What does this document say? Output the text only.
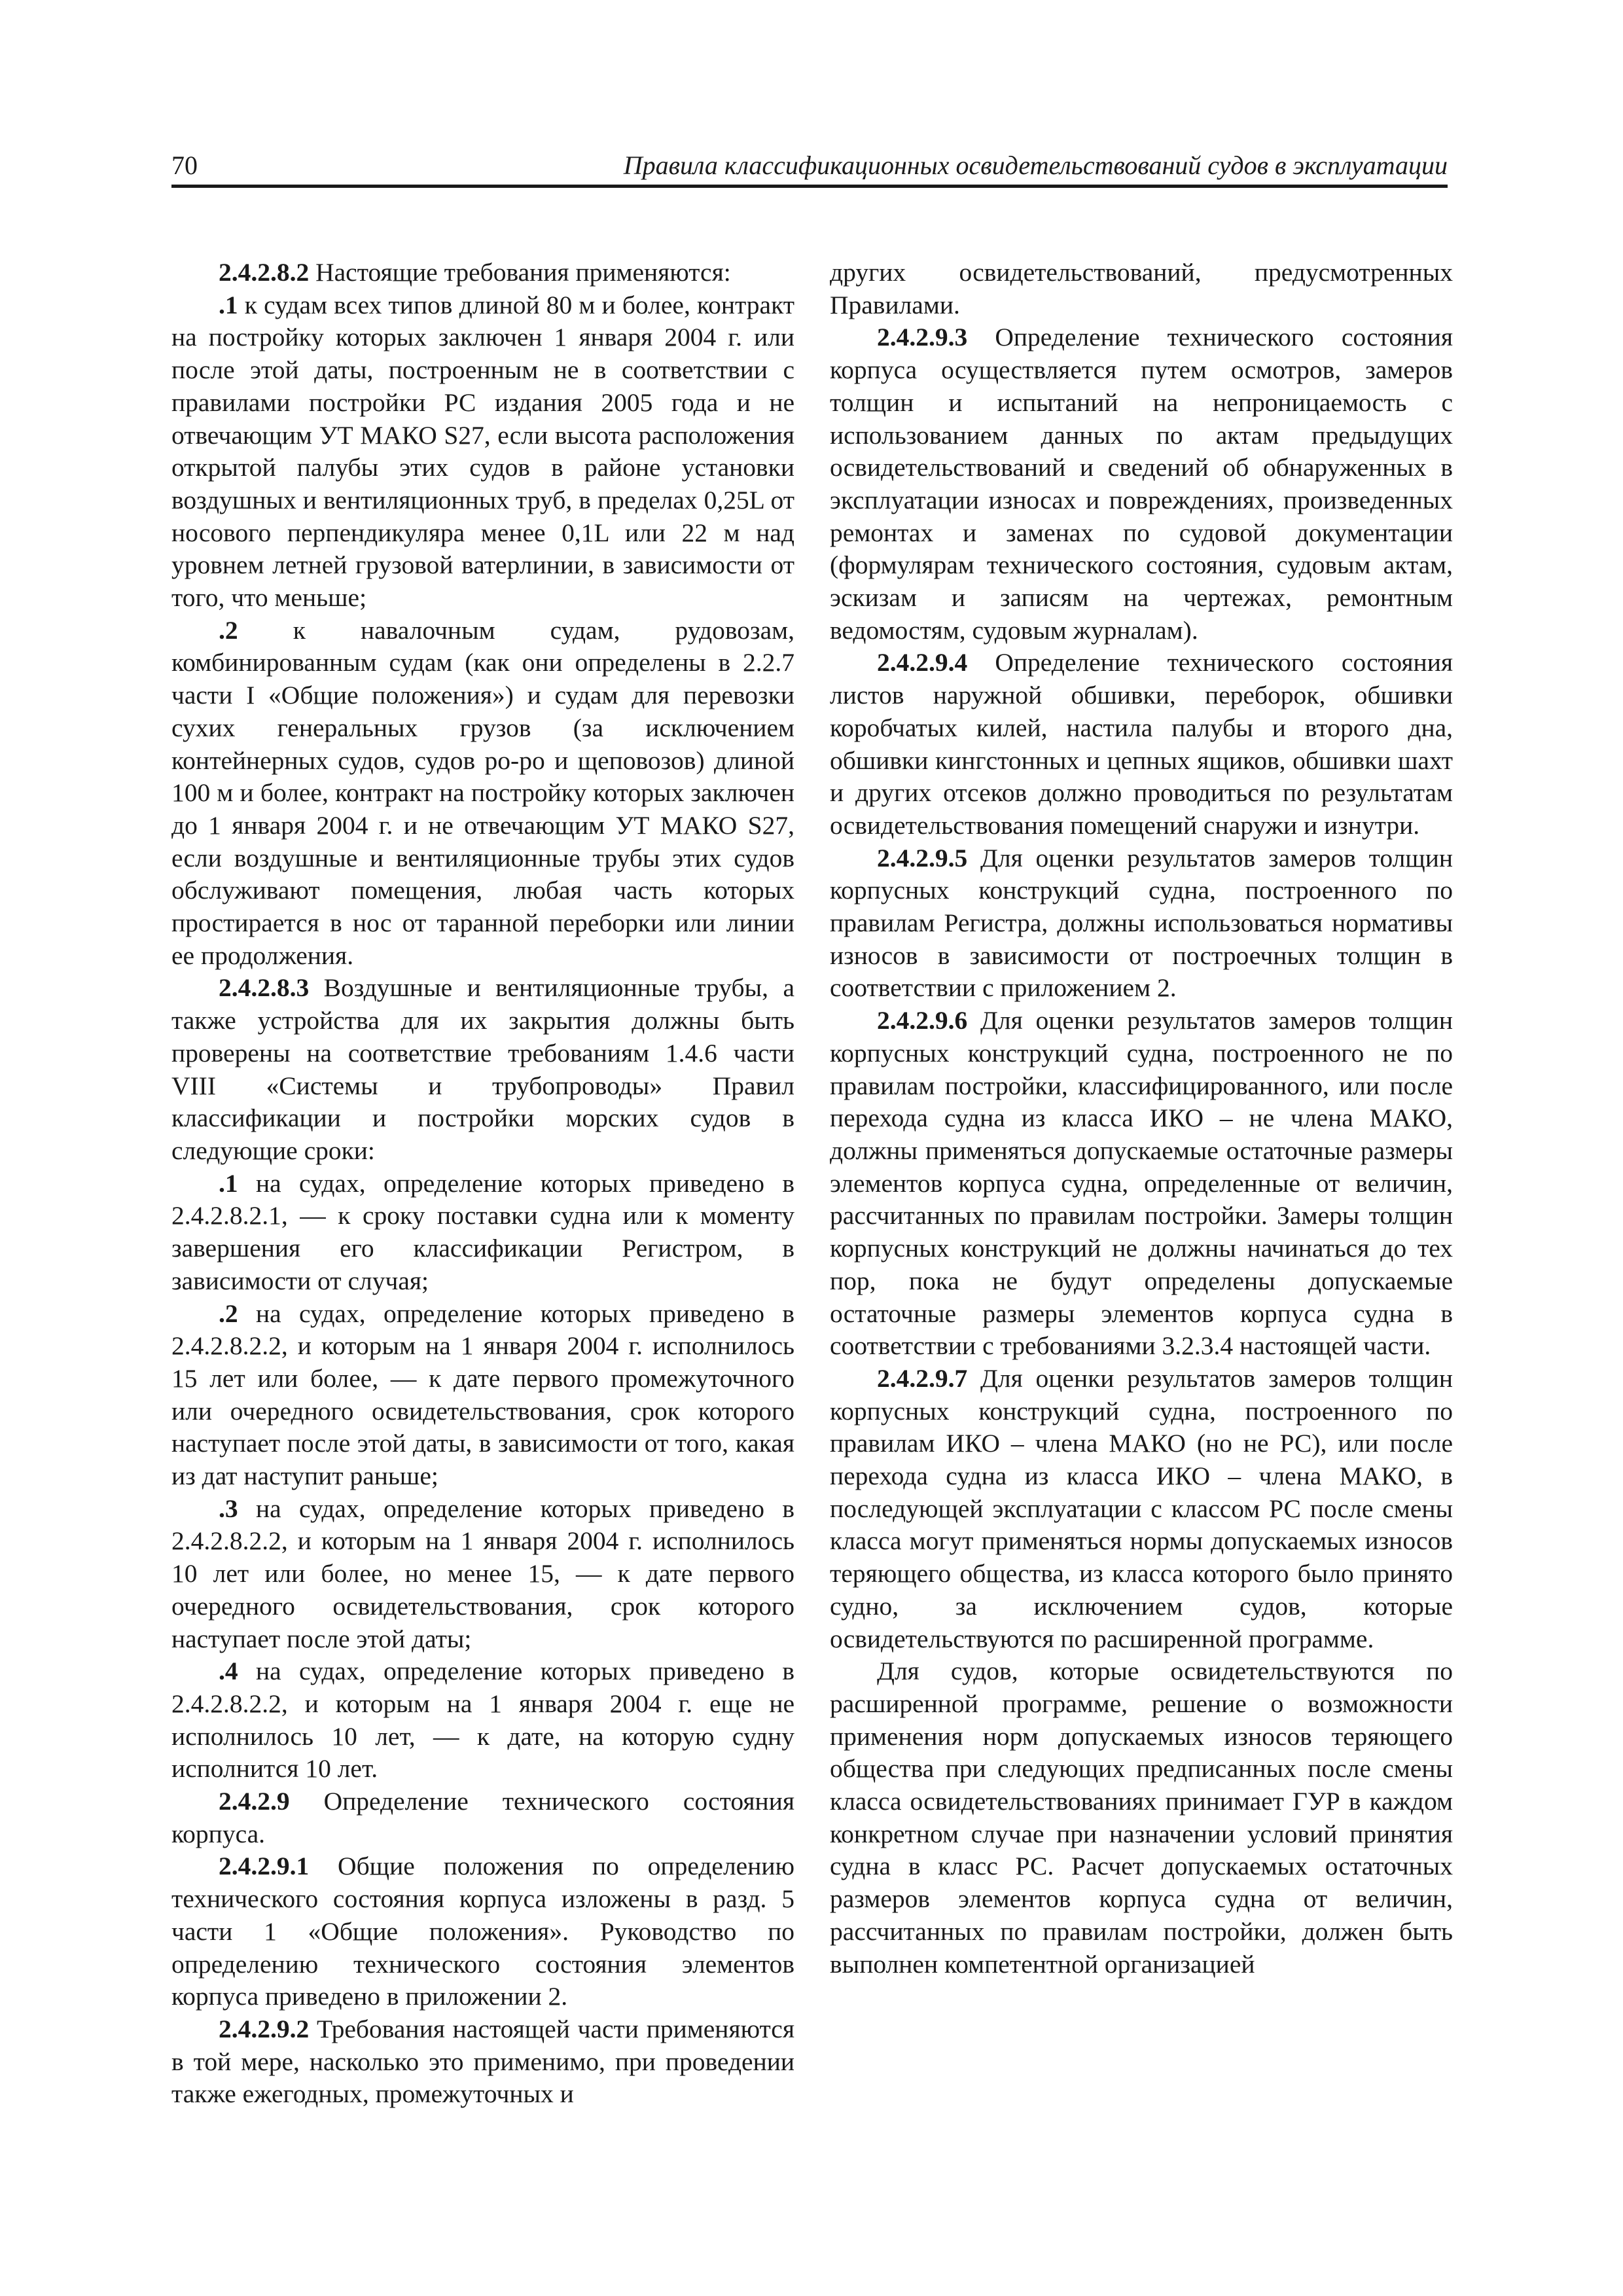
70	Правила классификационных освидетельствований судов в эксплуатации

2.4.2.8.2 Настоящие требования применяются:

.1 к судам всех типов длиной 80 м и более, контракт на постройку которых заключен 1 января 2004 г. или после этой даты, построенным не в соответствии с правилами постройки РС издания 2005 года и не отвечающим УТ МАКО S27, если высота расположения открытой палубы этих судов в районе установки воздушных и вентиляционных труб, в пределах 0,25L от носового перпендикуляра менее 0,1L или 22 м над уровнем летней грузовой ватерлинии, в зависимости от того, что меньше;

.2 к навалочным судам, рудовозам, комбинированным судам (как они определены в 2.2.7 части I «Общие положения») и судам для перевозки сухих генеральных грузов (за исключением контейнерных судов, судов ро-ро и щеповозов) длиной 100 м и более, контракт на постройку которых заключен до 1 января 2004 г. и не отвечающим УТ МАКО S27, если воздушные и вентиляционные трубы этих судов обслуживают помещения, любая часть которых простирается в нос от таранной переборки или линии ее продолжения.

2.4.2.8.3 Воздушные и вентиляционные трубы, а также устройства для их закрытия должны быть проверены на соответствие требованиям 1.4.6 части VIII «Системы и трубопроводы» Правил классификации и постройки морских судов в следующие сроки:

.1 на судах, определение которых приведено в 2.4.2.8.2.1, — к сроку поставки судна или к моменту завершения его классификации Регистром, в зависимости от случая;

.2 на судах, определение которых приведено в 2.4.2.8.2.2, и которым на 1 января 2004 г. исполнилось 15 лет или более, — к дате первого промежуточного или очередного освидетельствования, срок которого наступает после этой даты, в зависимости от того, какая из дат наступит раньше;

.3 на судах, определение которых приведено в 2.4.2.8.2.2, и которым на 1 января 2004 г. исполнилось 10 лет или более, но менее 15, — к дате первого очередного освидетельствования, срок которого наступает после этой даты;

.4 на судах, определение которых приведено в 2.4.2.8.2.2, и которым на 1 января 2004 г. еще не исполнилось 10 лет, — к дате, на которую судну исполнится 10 лет.

2.4.2.9 Определение технического состояния корпуса.

2.4.2.9.1 Общие положения по определению технического состояния корпуса изложены в разд. 5 части 1 «Общие положения». Руководство по определению технического состояния элементов корпуса приведено в приложении 2.

2.4.2.9.2 Требования настоящей части применяются в той мере, насколько это применимо, при проведении также ежегодных, промежуточных и

других освидетельствований, предусмотренных Правилами.

2.4.2.9.3 Определение технического состояния корпуса осуществляется путем осмотров, замеров толщин и испытаний на непроницаемость с использованием данных по актам предыдущих освидетельствований и сведений об обнаруженных в эксплуатации износах и повреждениях, произведенных ремонтах и заменах по судовой документации (формулярам технического состояния, судовым актам, эскизам и записям на чертежах, ремонтным ведомостям, судовым журналам).

2.4.2.9.4 Определение технического состояния листов наружной обшивки, переборок, обшивки коробчатых килей, настила палубы и второго дна, обшивки кингстонных и цепных ящиков, обшивки шахт и других отсеков должно проводиться по результатам освидетельствования помещений снаружи и изнутри.

2.4.2.9.5 Для оценки результатов замеров толщин корпусных конструкций судна, построенного по правилам Регистра, должны использоваться нормативы износов в зависимости от построечных толщин в соответствии с приложением 2.

2.4.2.9.6 Для оценки результатов замеров толщин корпусных конструкций судна, построенного не по правилам постройки, классифицированного, или после перехода судна из класса ИКО – не члена МАКО, должны применяться допускаемые остаточные размеры элементов корпуса судна, определенные от величин, рассчитанных по правилам постройки. Замеры толщин корпусных конструкций не должны начинаться до тех пор, пока не будут определены допускаемые остаточные размеры элементов корпуса судна в соответствии с требованиями 3.2.3.4 настоящей части.

2.4.2.9.7 Для оценки результатов замеров толщин корпусных конструкций судна, построенного по правилам ИКО – члена МАКО (но не РС), или после перехода судна из класса ИКО – члена МАКО, в последующей эксплуатации с классом РС после смены класса могут применяться нормы допускаемых износов теряющего общества, из класса которого было принято судно, за исключением судов, которые освидетельствуются по расширенной программе.

Для судов, которые освидетельствуются по расширенной программе, решение о возможности применения норм допускаемых износов теряющего общества при следующих предписанных после смены класса освидетельствованиях принимает ГУР в каждом конкретном случае при назначении условий принятия судна в класс РС. Расчет допускаемых остаточных размеров элементов корпуса судна от величин, рассчитанных по правилам постройки, должен быть выполнен компетентной организацией
